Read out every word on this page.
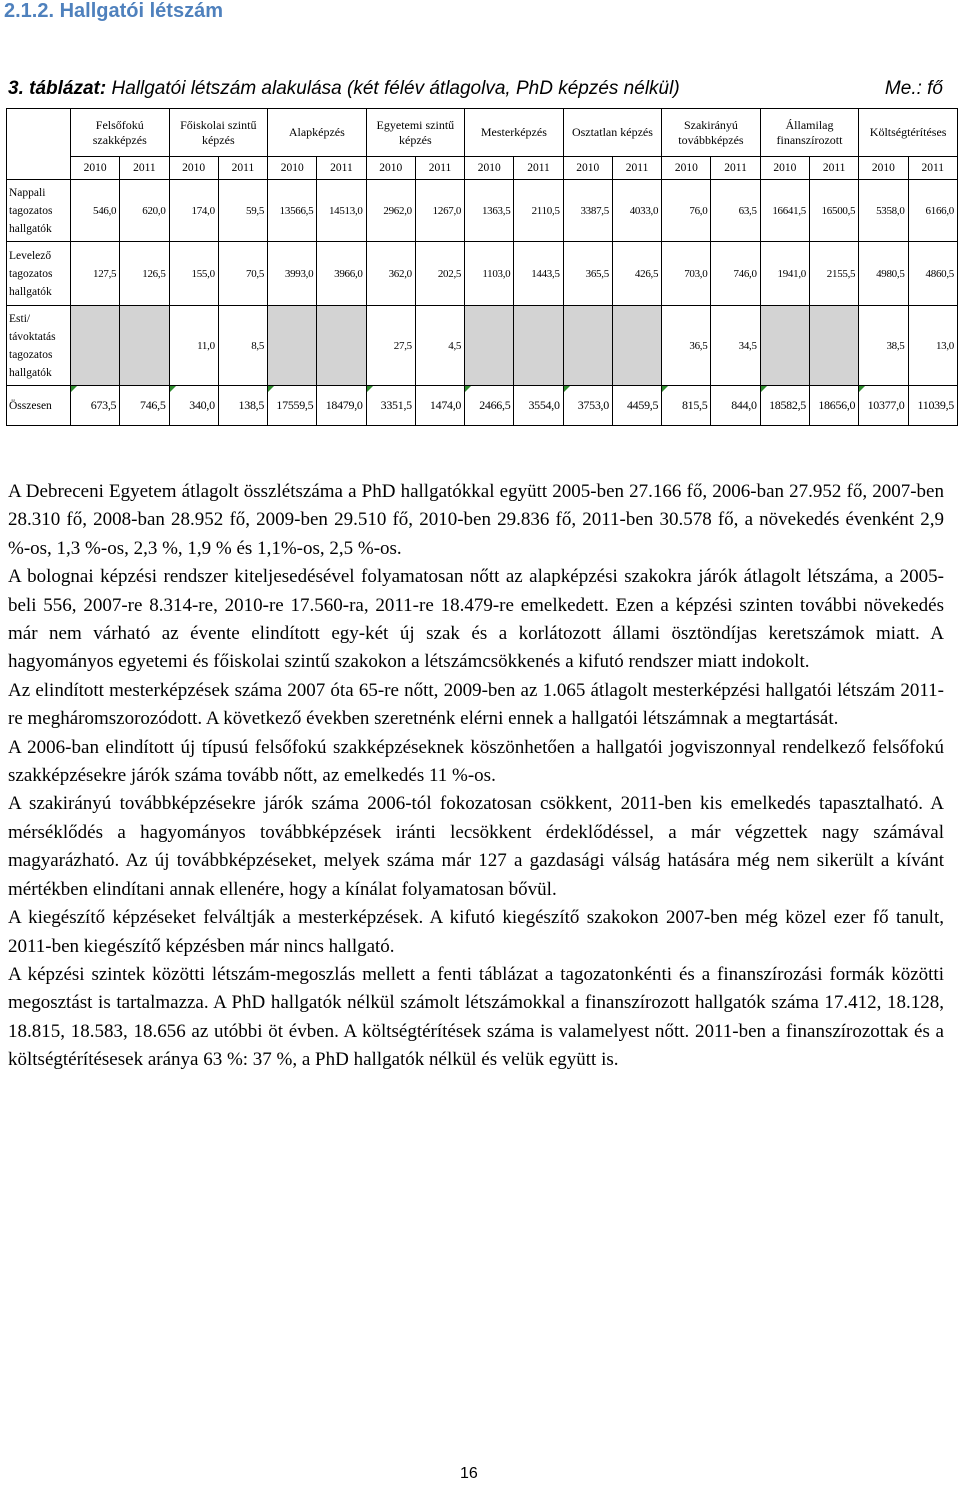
2.1.2. Hallgatói létszám
3. táblázat: Hallgatói létszám alakulása (két félév átlagolva, PhD képzés nélkül)	Me.: fő
	Felsőfokú szakképzés		Főiskolai szintű képzés		Alapképzés		Egyetemi szintű képzés		Mesterképzés		Osztatlan képzés		Szakirányú továbbképzés		Államilag finanszírozott		Költségtérítéses	
	2010	2011	2010	2011	2010	2011	2010	2011	2010	2011	2010	2011	2010	2011	2010	2011	2010	2011
Nappali tagozatos hallgatók	546,0	620,0	174,0	59,5	13566,5	14513,0	2962,0	1267,0	1363,5	2110,5	3387,5	4033,0	76,0	63,5	16641,5	16500,5	5358,0	6166,0
Levelező tagozatos hallgatók	127,5	126,5	155,0	70,5	3993,0	3966,0	362,0	202,5	1103,0	1443,5	365,5	426,5	703,0	746,0	1941,0	2155,5	4980,5	4860,5
Esti/ távoktatás tagozatos hallgatók			11,0	8,5			27,5	4,5					36,5	34,5			38,5	13,0
Összesen	673,5	746,5	340,0	138,5	17559,5	18479,0	3351,5	1474,0	2466,5	3554,0	3753,0	4459,5	815,5	844,0	18582,5	18656,0	10377,0	11039,5

A Debreceni Egyetem átlagolt összlétszáma a PhD hallgatókkal együtt 2005-ben 27.166 fő, 2006-ban 27.952 fő, 2007-ben 28.310 fő, 2008-ban 28.952 fő, 2009-ben 29.510 fő, 2010-ben 29.836 fő, 2011-ben 30.578 fő, a növekedés évenként 2,9 %-os, 1,3 %-os, 2,3 %, 1,9 % és 1,1%-os, 2,5 %-os.

A bolognai képzési rendszer kiteljesedésével folyamatosan nőtt az alapképzési szakokra járók átlagolt létszáma, a 2005-beli 556, 2007-re 8.314-re, 2010-re 17.560-ra, 2011-re 18.479-re emelkedett. Ezen a képzési szinten további növekedés már nem várható az évente elindított egy-két új szak és a korlátozott állami ösztöndíjas keretszámok miatt. A hagyományos egyetemi és főiskolai szintű szakokon a létszámcsökkenés a kifutó rendszer miatt indokolt.

Az elindított mesterképzések száma 2007 óta 65-re nőtt, 2009-ben az 1.065 átlagolt mesterképzési hallgatói létszám 2011-re megháromszorozódott. A következő években szeretnénk elérni ennek a hallgatói létszámnak a megtartását.

A 2006-ban elindított új típusú felsőfokú szakképzéseknek köszönhetően a hallgatói jogviszonnyal rendelkező felsőfokú szakképzésekre járók száma tovább nőtt, az emelkedés 11 %-os.

A szakirányú továbbképzésekre járók száma 2006-tól fokozatosan csökkent, 2011-ben kis emelkedés tapasztalható. A mérséklődés a hagyományos továbbképzések iránti lecsökkent érdeklődéssel, a már végzettek nagy számával magyarázható. Az új továbbképzéseket, melyek száma már 127 a gazdasági válság hatására még nem sikerült a kívánt mértékben elindítani annak ellenére, hogy a kínálat folyamatosan bővül.

A kiegészítő képzéseket felváltják a mesterképzések. A kifutó kiegészítő szakokon 2007-ben még közel ezer fő tanult, 2011-ben kiegészítő képzésben már nincs hallgató.

A képzési szintek közötti létszám-megoszlás mellett a fenti táblázat a tagozatonkénti és a finanszírozási formák közötti megosztást is tartalmazza. A PhD hallgatók nélkül számolt létszámokkal a finanszírozott hallgatók száma 17.412, 18.128, 18.815, 18.583, 18.656 az utóbbi öt évben. A költségtérítések száma is valamelyest nőtt. 2011-ben a finanszírozottak és a költségtérítésesek aránya 63 %: 37 %, a PhD hallgatók nélkül és velük együtt is.

16
